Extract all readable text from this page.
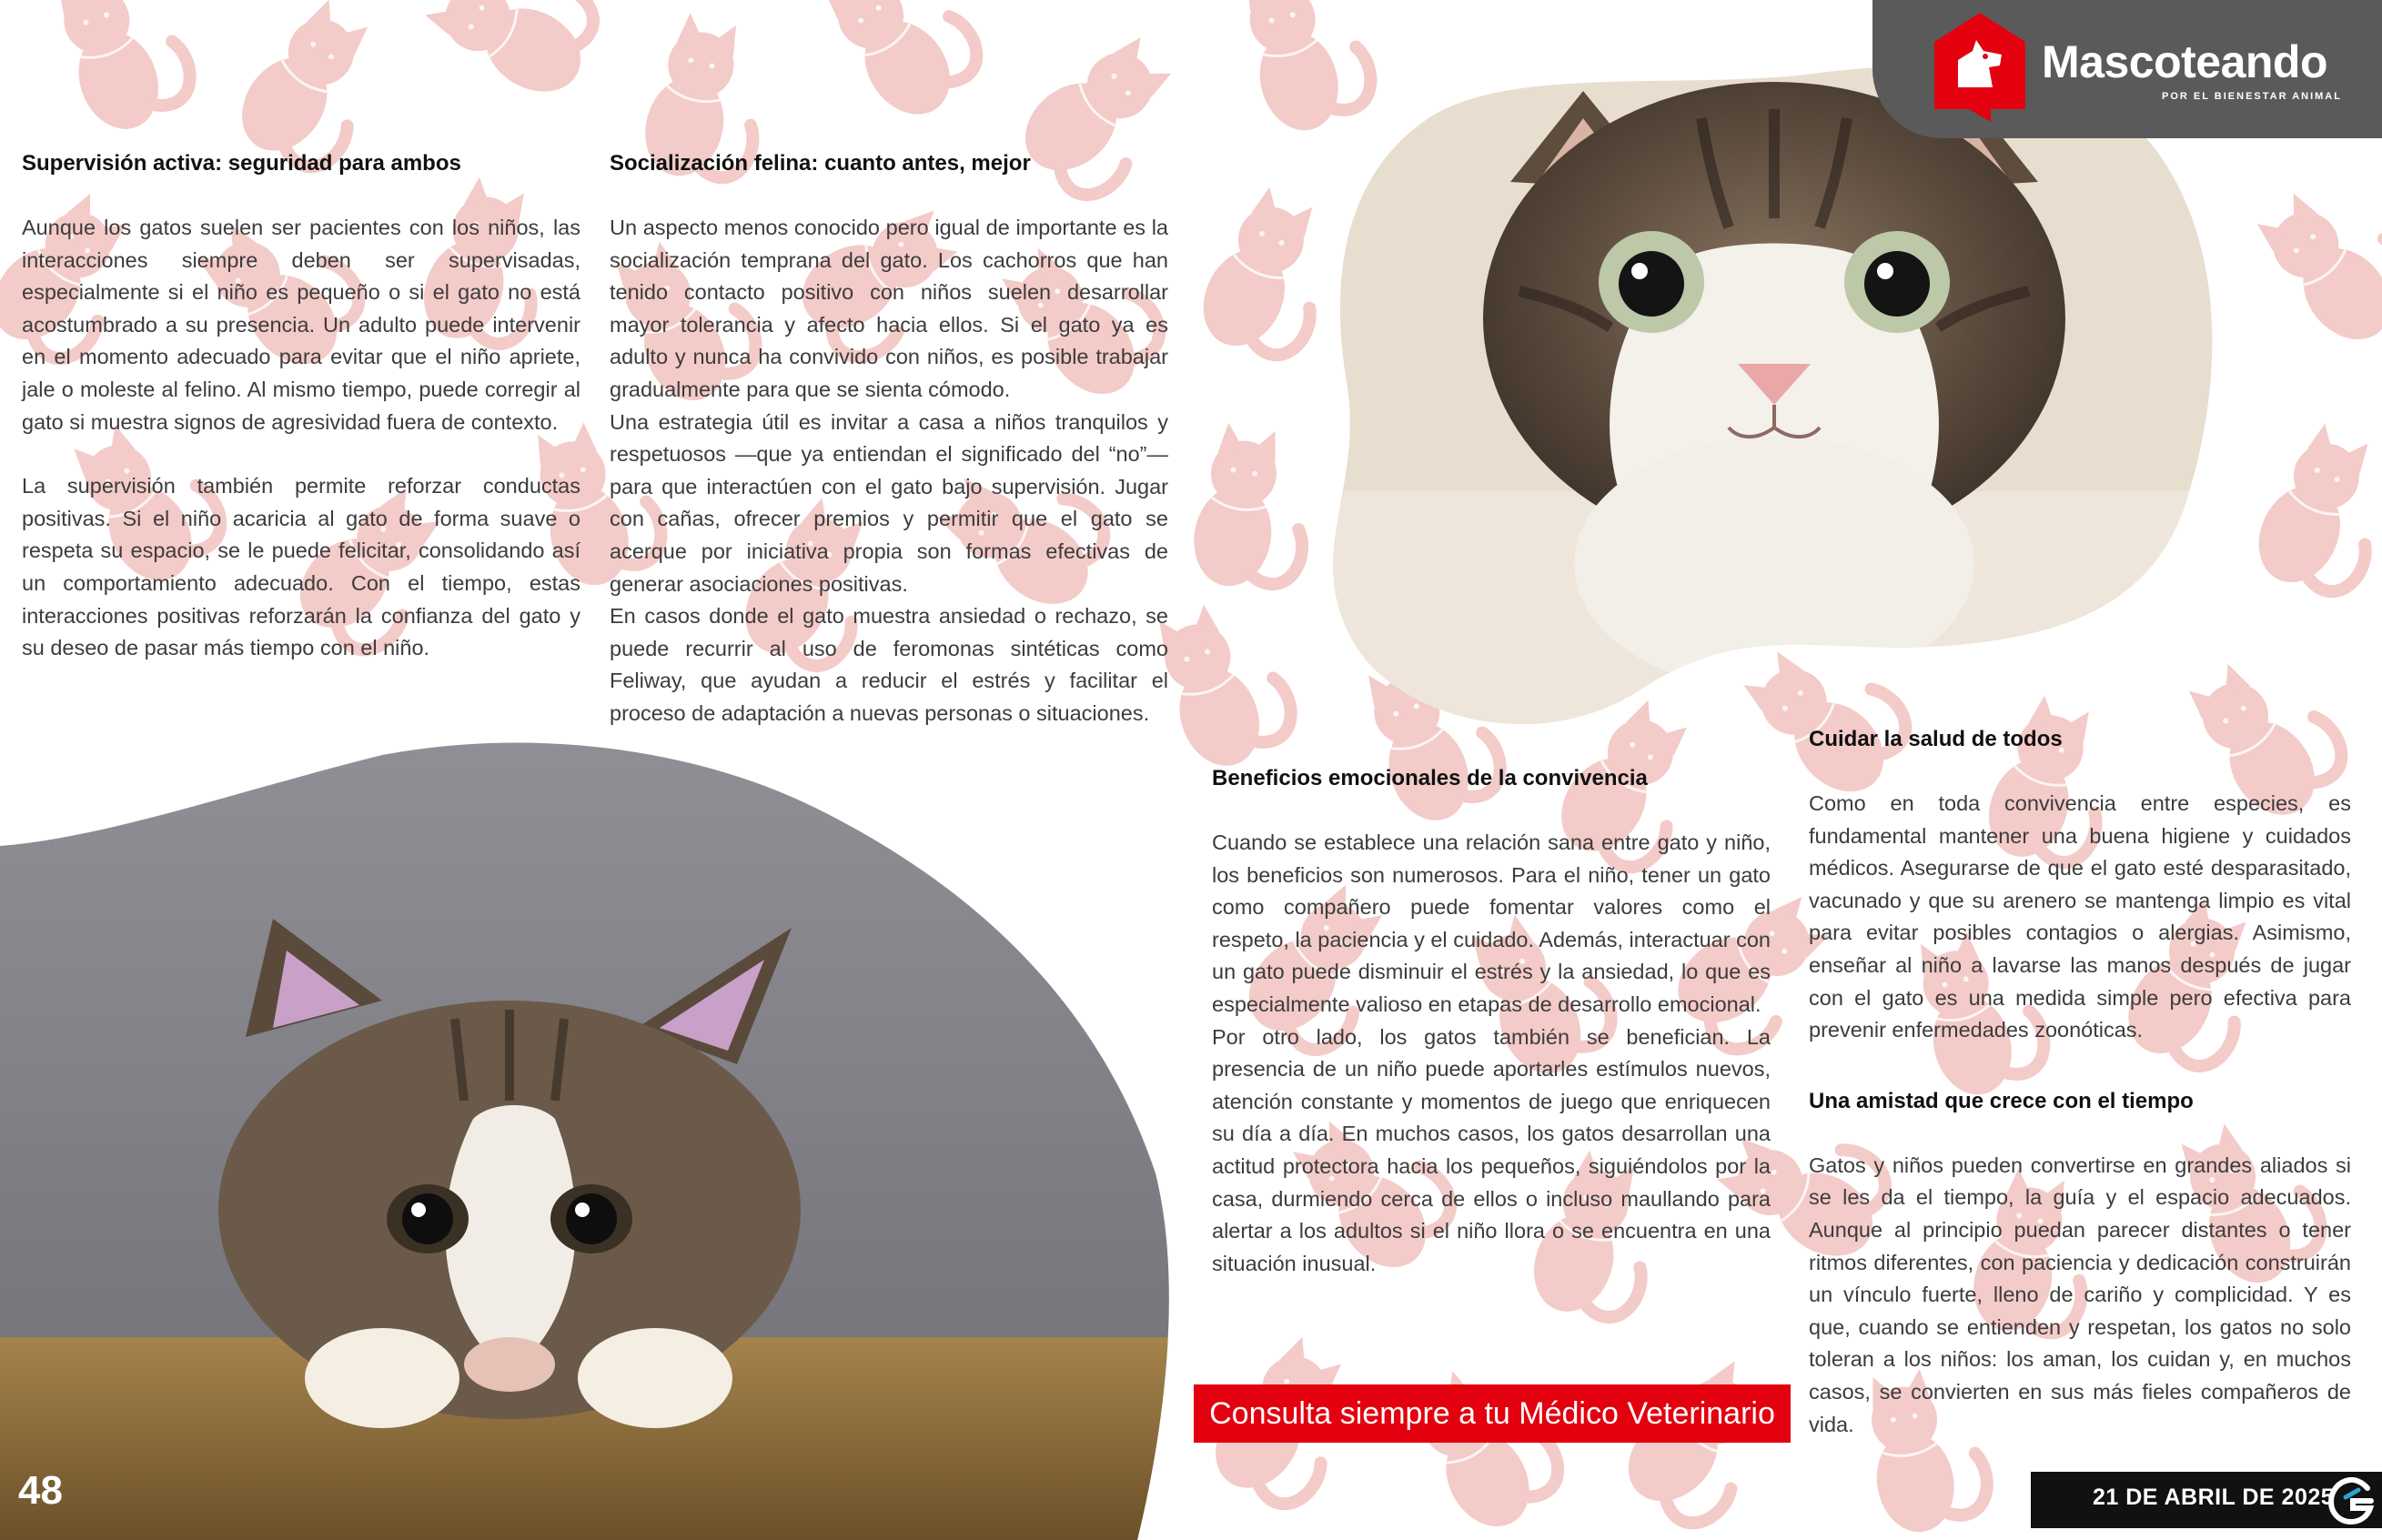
Mascoteando
POR EL BIENESTAR ANIMAL
Supervisión activa: seguridad para ambos

Aunque los gatos suelen ser pacientes con los niños, las interacciones siempre deben ser supervisadas, especialmente si el niño es pequeño o si el gato no está acostumbrado a su presencia. Un adulto puede intervenir en el momento adecuado para evitar que el niño apriete, jale o moleste al felino. Al mismo tiempo, puede corregir al gato si muestra signos de agresividad fuera de contexto.

La supervisión también permite reforzar conductas positivas. Si el niño acaricia al gato de forma suave o respeta su espacio, se le puede felicitar, consolidando así un comportamiento adecuado. Con el tiempo, estas interacciones positivas reforzarán la confianza del gato y su deseo de pasar más tiempo con el niño.

Socialización felina: cuanto antes, mejor

Un aspecto menos conocido pero igual de importante es la socialización temprana del gato. Los cachorros que han tenido contacto positivo con niños suelen desarrollar mayor tolerancia y afecto hacia ellos. Si el gato ya es adulto y nunca ha convivido con niños, es posible trabajar gradualmente para que se sienta cómodo.

Una estrategia útil es invitar a casa a niños tranquilos y respetuosos —que ya entiendan el significado del “no”— para que interactúen con el gato bajo supervisión. Jugar con cañas, ofrecer premios y permitir que el gato se acerque por iniciativa propia son formas efectivas de generar asociaciones positivas.

En casos donde el gato muestra ansiedad o rechazo, se puede recurrir al uso de feromonas sintéticas como Feliway, que ayudan a reducir el estrés y facilitar el proceso de adaptación a nuevas personas o situaciones.

Beneficios emocionales de la convivencia

Cuando se establece una relación sana entre gato y niño, los beneficios son numerosos. Para el niño, tener un gato como compañero puede fomentar valores como el respeto, la paciencia y el cuidado. Además, interactuar con un gato puede disminuir el estrés y la ansiedad, lo que es especialmente valioso en etapas de desarrollo emocional.

Por otro lado, los gatos también se benefician. La presencia de un niño puede aportarles estímulos nuevos, atención constante y momentos de juego que enriquecen su día a día. En muchos casos, los gatos desarrollan una actitud protectora hacia los pequeños, siguiéndolos por la casa, durmiendo cerca de ellos o incluso maullando para alertar a los adultos si el niño llora o se encuentra en una situación inusual.

Cuidar la salud de todos

Como en toda convivencia entre especies, es fundamental mantener una buena higiene y cuidados médicos. Asegurarse de que el gato esté desparasitado, vacunado y que su arenero se mantenga limpio es vital para evitar posibles contagios o alergias. Asimismo, enseñar al niño a lavarse las manos después de jugar con el gato es una medida simple pero efectiva para prevenir enfermedades zoonóticas.

Una amistad que crece con el tiempo

Gatos y niños pueden convertirse en grandes aliados si se les da el tiempo, la guía y el espacio adecuados. Aunque al principio puedan parecer distantes o tener ritmos diferentes, con paciencia y dedicación construirán un vínculo fuerte, lleno de cariño y complicidad. Y es que, cuando se entienden y respetan, los gatos no solo toleran a los niños: los aman, los cuidan y, en muchos casos, se convierten en sus más fieles compañeros de vida.

Consulta siempre a tu Médico Veterinario
48	21 DE ABRIL DE 2025
